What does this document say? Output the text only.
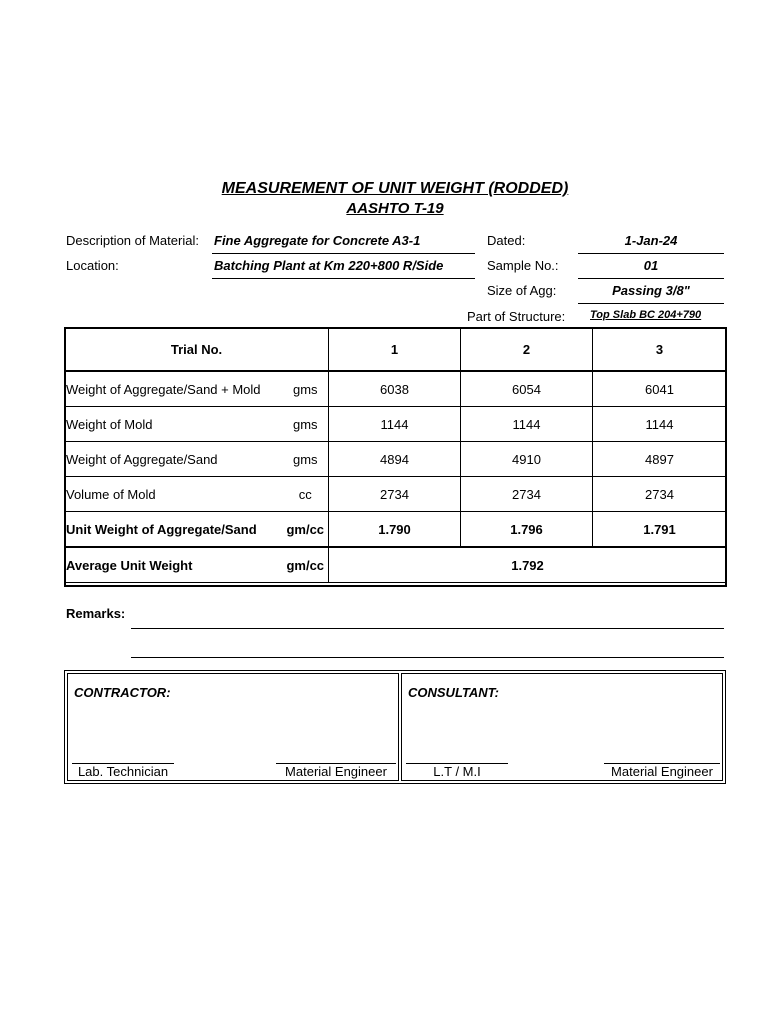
MEASUREMENT OF UNIT WEIGHT (RODDED)
AASHTO T-19
Description of Material: Fine Aggregate for Concrete A3-1
Location:	Batching Plant at Km 220+800 R/Side
Dated:	1-Jan-24
Sample No.:	01
Size of Agg:	Passing 3/8"
Part of Structure: Top Slab BC 204+790
Trial No.		1	2	3
Weight of Aggregate/Sand + Mold	gms	6038	6054	6041
Weight of Mold	gms	1144	1144	1144
Weight of Aggregate/Sand	gms	4894	4910	4897
Volume of Mold	cc	2734	2734	2734
Unit Weight of Aggregate/Sand	gm/cc	1.790	1.796	1.791
Average Unit Weight	gm/cc	1.792		
Remarks:
CONTRACTOR:
Lab. Technician	Material Engineer
CONSULTANT:
L.T / M.I	Material Engineer
